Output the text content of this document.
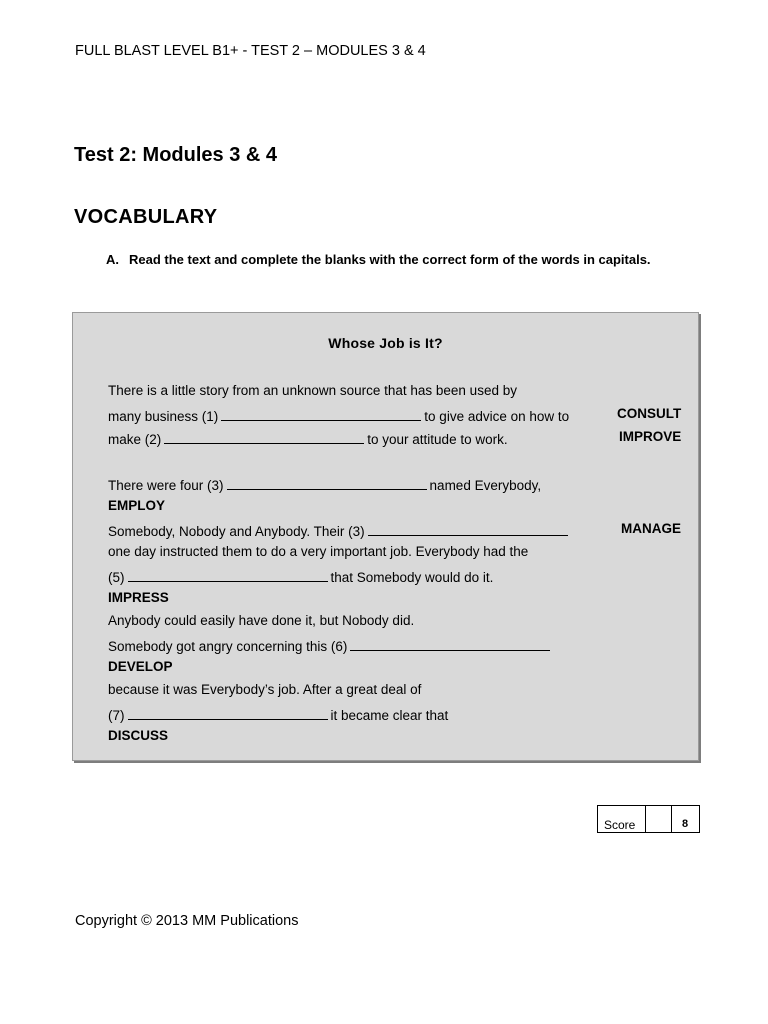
FULL BLAST LEVEL B1+ - TEST 2 – MODULES 3 & 4
Test 2: Modules 3 & 4
VOCABULARY
A. Read the text and complete the blanks with the correct form of the words in capitals.
Whose Job is It?
There is a little story from an unknown source that has been used by
many business (1)	to give advice on how to	CONSULT
make (2)	to your attitude to work.	IMPROVE
There were four (3)	named Everybody,
EMPLOY
Somebody, Nobody and Anybody. Their (3)	MANAGE
one day instructed them to do a very important job. Everybody had the
(5)	that Somebody would do it.
IMPRESS
Anybody could easily have done it, but Nobody did.
Somebody got angry concerning this (6)
DEVELOP
because it was Everybody’s job. After a great deal of
(7)	it became clear that
DISCUSS
Score	8
Copyright © 2013 MM Publications
